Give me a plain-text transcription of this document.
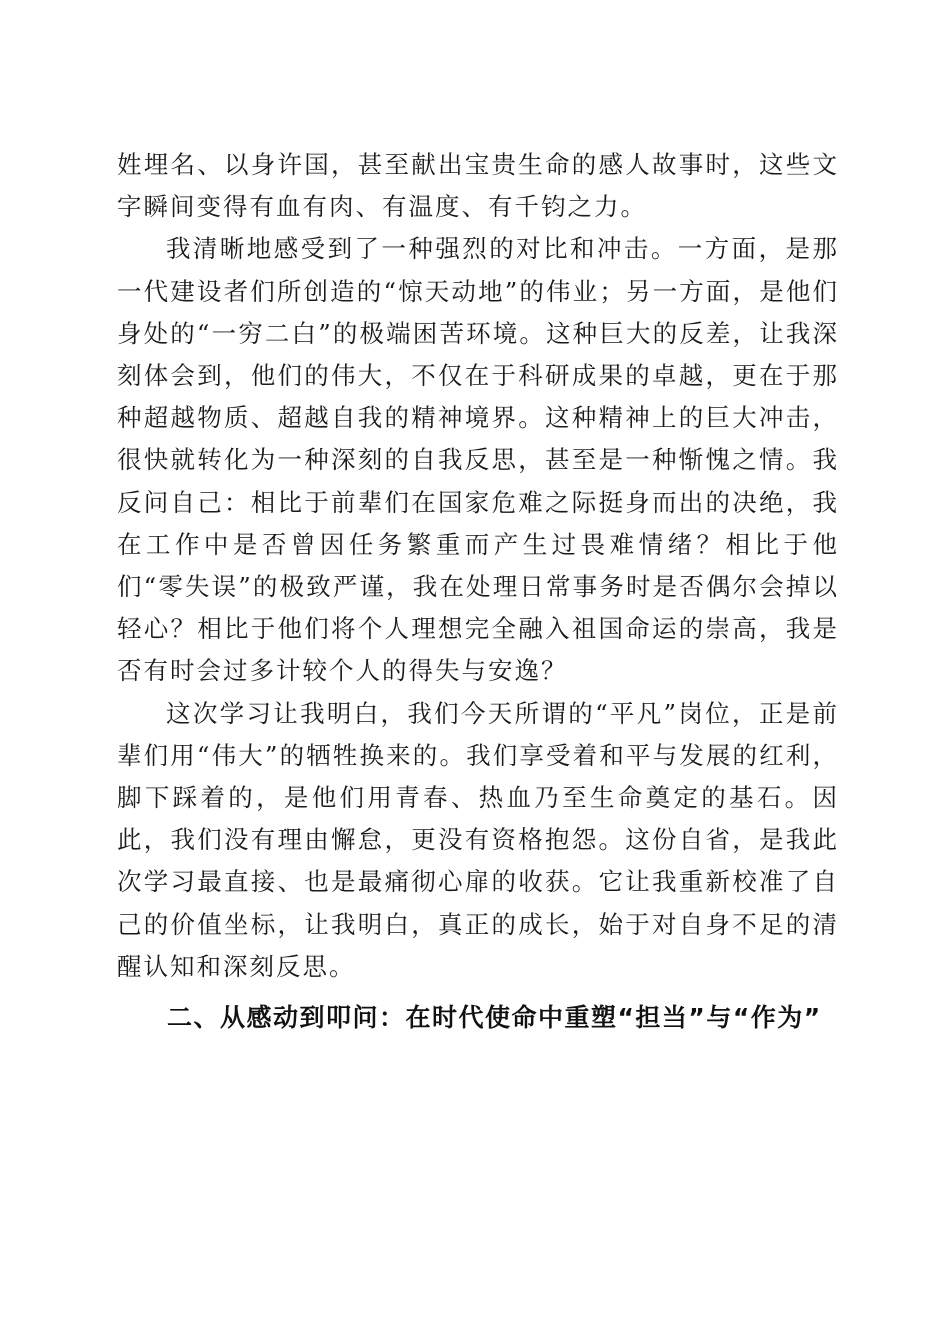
姓埋名、以身许国，甚至献出宝贵生命的感人故事时，这些文字瞬间变得有血有肉、有温度、有千钧之力。

我清晰地感受到了一种强烈的对比和冲击。一方面，是那一代建设者们所创造的“惊天动地”的伟业；另一方面，是他们身处的“一穷二白”的极端困苦环境。这种巨大的反差，让我深刻体会到，他们的伟大，不仅在于科研成果的卓越，更在于那种超越物质、超越自我的精神境界。这种精神上的巨大冲击，很快就转化为一种深刻的自我反思，甚至是一种惭愧之情。我反问自己：相比于前辈们在国家危难之际挺身而出的决绝，我在工作中是否曾因任务繁重而产生过畏难情绪？相比于他们“零失误”的极致严谨，我在处理日常事务时是否偶尔会掉以轻心？相比于他们将个人理想完全融入祖国命运的崇高，我是否有时会过多计较个人的得失与安逸？

这次学习让我明白，我们今天所谓的“平凡”岗位，正是前辈们用“伟大”的牺牲换来的。我们享受着和平与发展的红利，脚下踩着的，是他们用青春、热血乃至生命奠定的基石。因此，我们没有理由懈怠，更没有资格抱怨。这份自省，是我此次学习最直接、也是最痛彻心扉的收获。它让我重新校准了自己的价值坐标，让我明白，真正的成长，始于对自身不足的清醒认知和深刻反思。

二、从感动到叩问：在时代使命中重塑“担当”与“作为”
